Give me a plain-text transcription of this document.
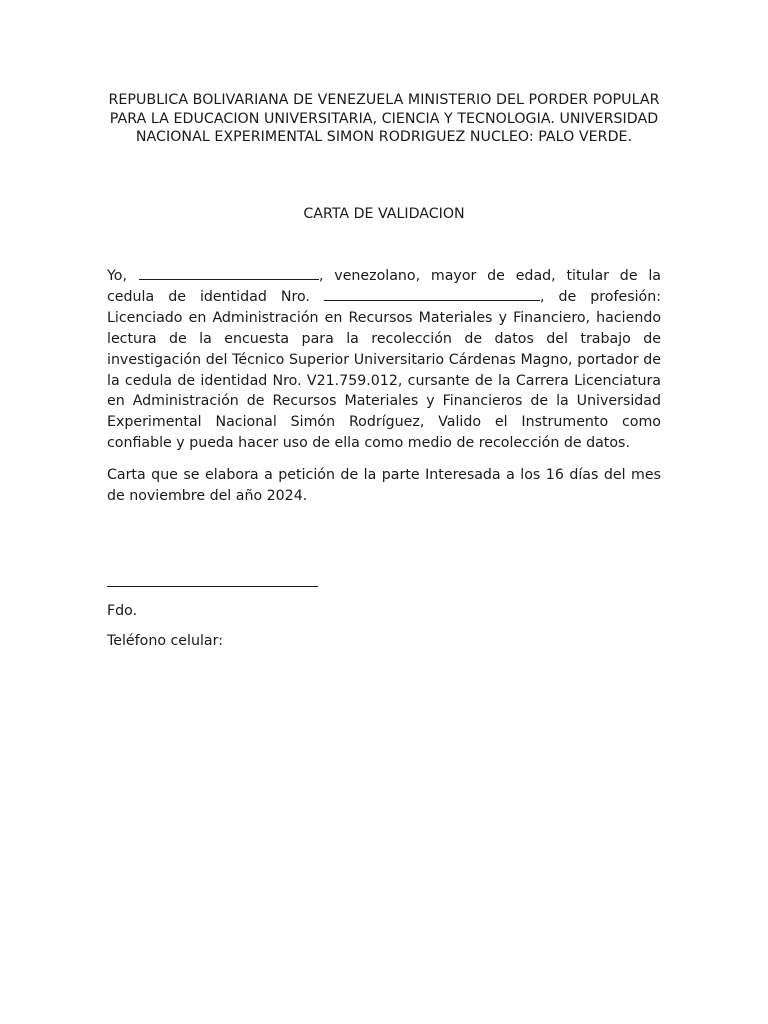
REPUBLICA BOLIVARIANA DE VENEZUELA MINISTERIO DEL PORDER POPULAR PARA LA EDUCACION UNIVERSITARIA, CIENCIA Y TECNOLOGIA. UNIVERSIDAD NACIONAL EXPERIMENTAL SIMON RODRIGUEZ NUCLEO: PALO VERDE.
CARTA DE VALIDACION

Yo,	, venezolano, mayor de edad, titular de la cedula de identidad Nro.	, de profesión: Licenciado en Administración en Recursos Materiales y Financiero, haciendo lectura de la encuesta para la recolección de datos del trabajo de investigación del Técnico Superior Universitario Cárdenas Magno, portador de la cedula de identidad Nro. V21.759.012, cursante de la Carrera Licenciatura en Administración de Recursos Materiales y Financieros de la Universidad Experimental Nacional Simón Rodríguez, Valido el Instrumento como confiable y pueda hacer uso de ella como medio de recolección de datos.

Carta que se elabora a petición de la parte Interesada a los 16 días del mes de noviembre del año 2024.

Fdo.
Teléfono celular:
